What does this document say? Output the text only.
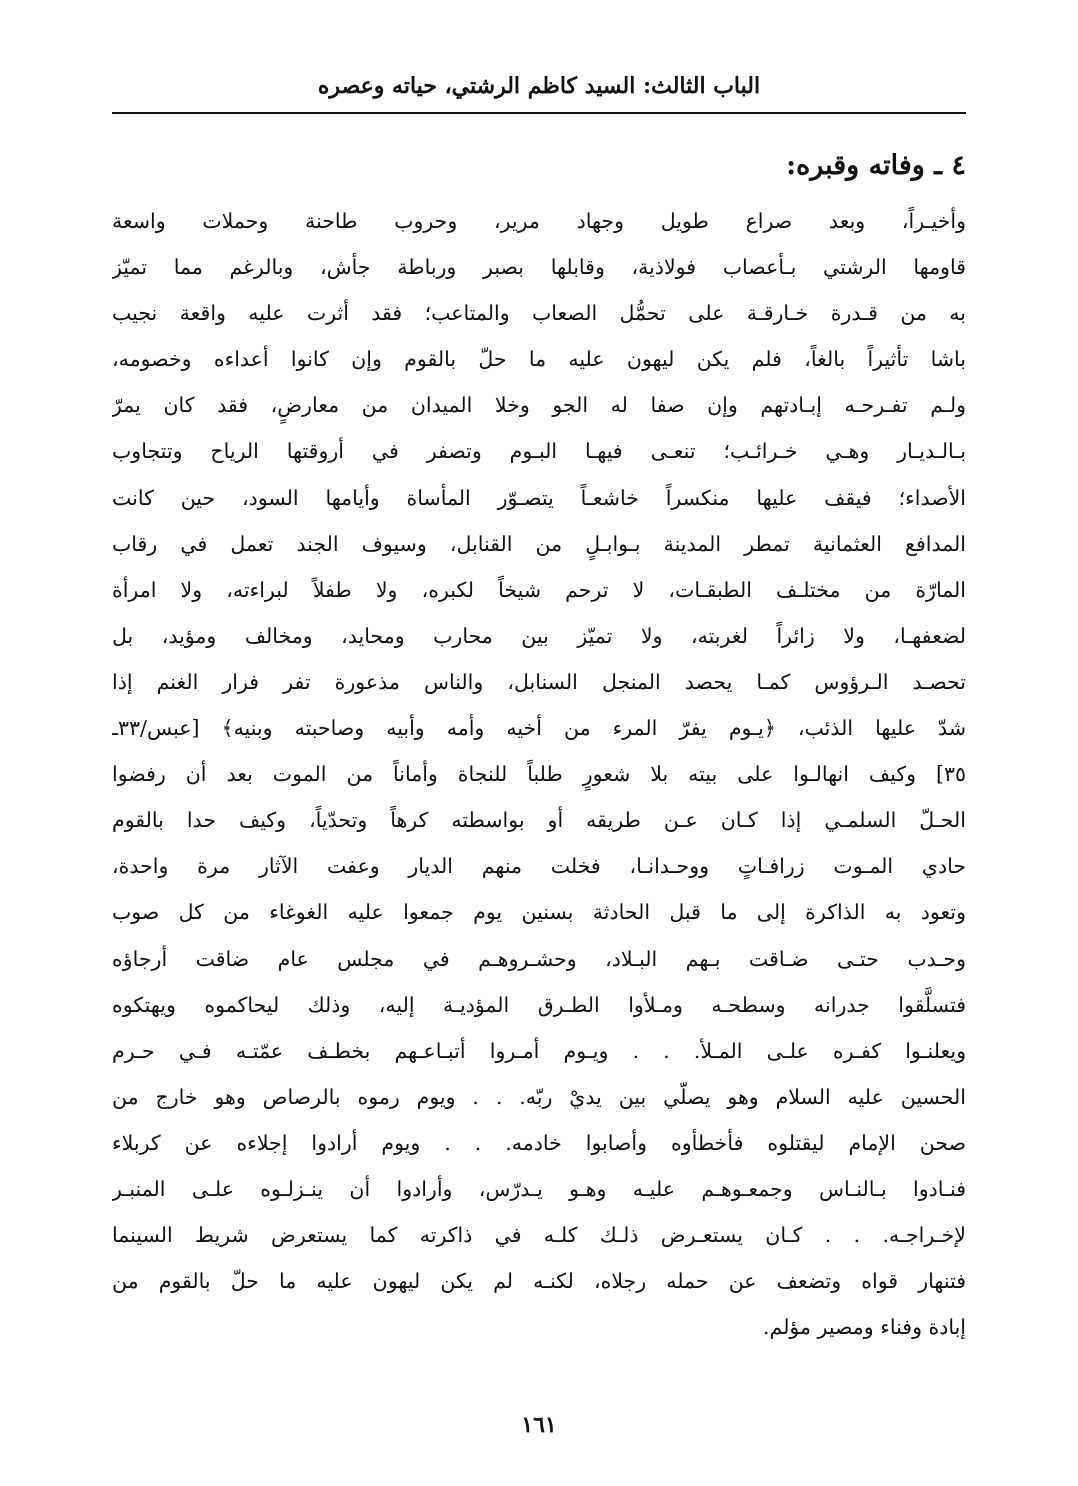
الباب الثالث: السيد كاظم الرشتي، حياته وعصره
٤ ـ وفاته وقبره:
وأخيـراً، وبعد صراع طويل وجهاد مرير، وحروب طاحنة وحملات واسعة
قاومها الرشتي بـأعصاب فولاذية، وقابلها بصبر ورباطة جأش، وبالرغم مما تميّز
به من قـدرة خـارقـة على تحمُّل الصعاب والمتاعب؛ فقد أثرت عليه واقعة نجيب
باشا تأثيراً بالغاً، فلم يكن ليهون عليه ما حلّ بالقوم وإن كانوا أعداءه وخصومه،
ولـم تفـرحـه إبـادتهم وإن صفا له الجو وخلا الميدان من معارضٍ، فقد كان يمرّ
بـالـديـار وهـي خـرائـب؛ تنعـى فيهـا البـوم وتصفر في أروقتها الرياح وتتجاوب
الأصداء؛ فيقف عليها منكسراً خاشعـاً يتصـوّر المأساة وأيامها السود، حين كانت
المدافع العثمانية تمطر المدينة بـوابـلٍ من القنابل، وسيوف الجند تعمل في رقاب
المارّة من مختلـف الطبقـات، لا ترحم شيخاً لكبره، ولا طفلاً لبراءته، ولا امرأة
لضعفهـا، ولا زائراً لغربته، ولا تميّز بين محارب ومحايد، ومخالف ومؤيد، بل
تحصـد الـرؤوس كمـا يحصد المنجل السنابل، والناس مذعورة تفر فرار الغنم إذا
شدّ عليها الذئب، ﴿يـوم يفرّ المرء من أخيه وأمه وأبيه وصاحبته وبنيه﴾ [عبس/٣٣ـ
٣٥] وكيف انهالـوا على بيته بلا شعورٍ طلباً للنجاة وأماناً من الموت بعد أن رفضوا
الحـلّ السلمـي إذا كـان عـن طريقه أو بواسطته كرهاً وتحدّياً، وكيف حدا بالقوم
حادي المـوت زرافـاتٍ ووحـدانـا، فخلت منهم الديار وعفت الآثار مرة واحدة،
وتعود به الذاكرة إلى ما قبل الحادثة بسنين يوم جمعوا عليه الغوغاء من كل صوب
وحـدب حتـى ضـاقت بـهم البـلاد، وحشـروهـم في مجلس عام ضاقت أرجاؤه
فتسلَّقوا جدرانه وسطحـه ومـلأوا الطـرق المؤديـة إليه، وذلك ليحاكموه ويهتكوه
ويعلنـوا كفـره علـى المـلأ. . . ويـوم أمـروا أتبـاعـهم بخطـف عمّتـه فـي حـرم
الحسين عليه السلام وهو يصلّي بين يديْ ربّه. . . ويوم رموه بالرصاص وهو خارج من
صحن الإمام ليقتلوه فأخطأوه وأصابوا خادمه. . . ويوم أرادوا إجلاءه عن كربلاء
فنـادوا بـالنـاس وجمعـوهـم عليـه وهـو يـدرّس، وأرادوا أن ينـزلـوه علـى المنبـر
لإخـراجـه. . . كـان يستعـرض ذلـك كلـه في ذاكرته كما يستعرض شريط السينما
فتنهار قواه وتضعف عن حمله رجلاه، لكنـه لم يكن ليهون عليه ما حلّ بالقوم من
إبادة وفناء ومصير مؤلم.
١٦١
